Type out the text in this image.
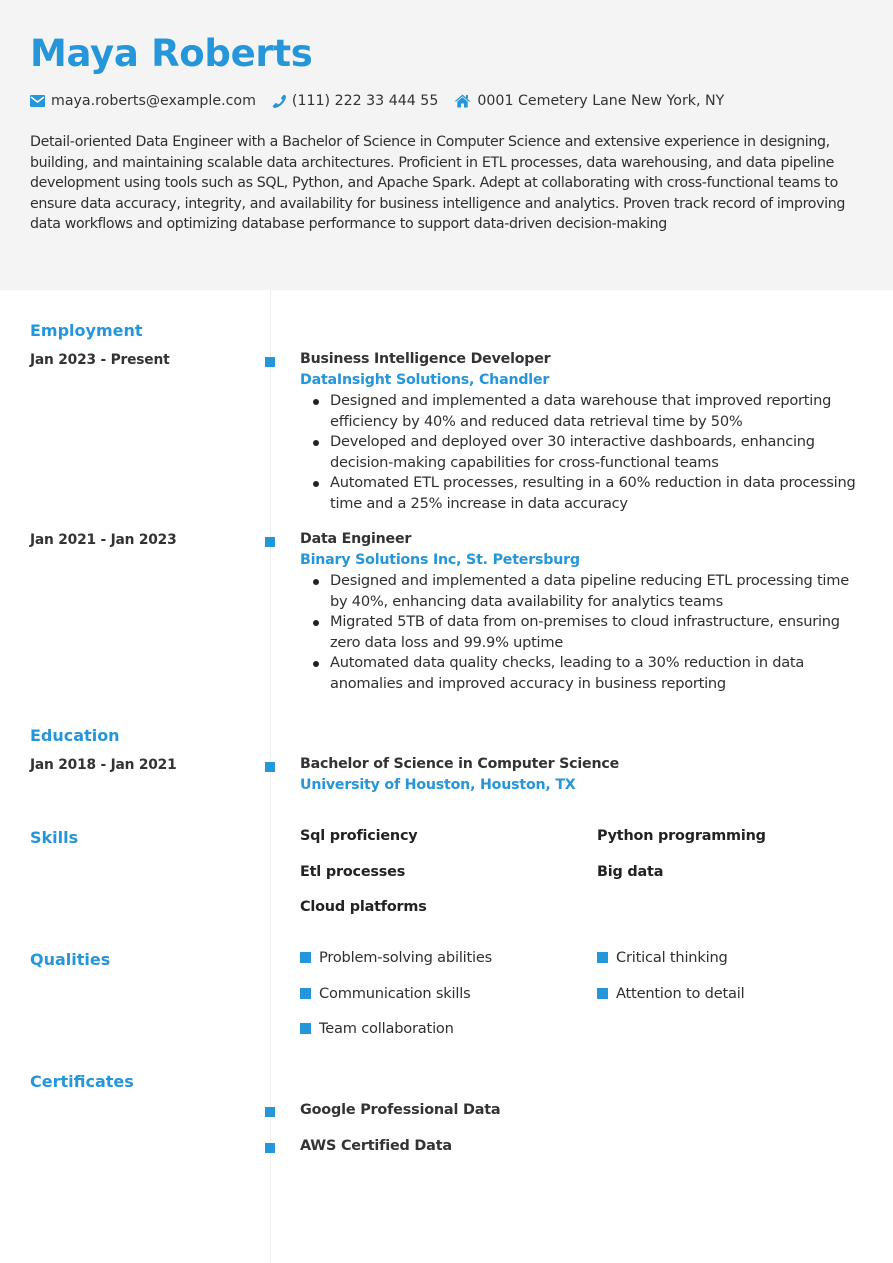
Maya Roberts
maya.roberts@example.com	(111) 222 33 444 55	0001 Cemetery Lane New York, NY

Detail-oriented Data Engineer with a Bachelor of Science in Computer Science and extensive experience in designing, building, and maintaining scalable data architectures. Proficient in ETL processes, data warehousing, and data pipeline development using tools such as SQL, Python, and Apache Spark. Adept at collaborating with cross-functional teams to ensure data accuracy, integrity, and availability for business intelligence and analytics. Proven track record of improving data workflows and optimizing database performance to support data-driven decision-making

Employment
Jan 2023 - Present	Business Intelligence Developer
DataInsight Solutions, Chandler
Designed and implemented a data warehouse that improved reporting efficiency by 40% and reduced data retrieval time by 50%
Developed and deployed over 30 interactive dashboards, enhancing decision-making capabilities for cross-functional teams
Automated ETL processes, resulting in a 60% reduction in data processing time and a 25% increase in data accuracy
Jan 2021 - Jan 2023	Data Engineer
Binary Solutions Inc, St. Petersburg
Designed and implemented a data pipeline reducing ETL processing time by 40%, enhancing data availability for analytics teams
Migrated 5TB of data from on-premises to cloud infrastructure, ensuring zero data loss and 99.9% uptime
Automated data quality checks, leading to a 30% reduction in data anomalies and improved accuracy in business reporting
Education
Jan 2018 - Jan 2021	Bachelor of Science in Computer Science
University of Houston, Houston, TX
Skills	Sql proficiency	Python programming
Etl processes	Big data
Cloud platforms
Qualities	Problem-solving abilities	Critical thinking
Communication skills	Attention to detail
Team collaboration
Certificates
Google Professional Data
AWS Certified Data
